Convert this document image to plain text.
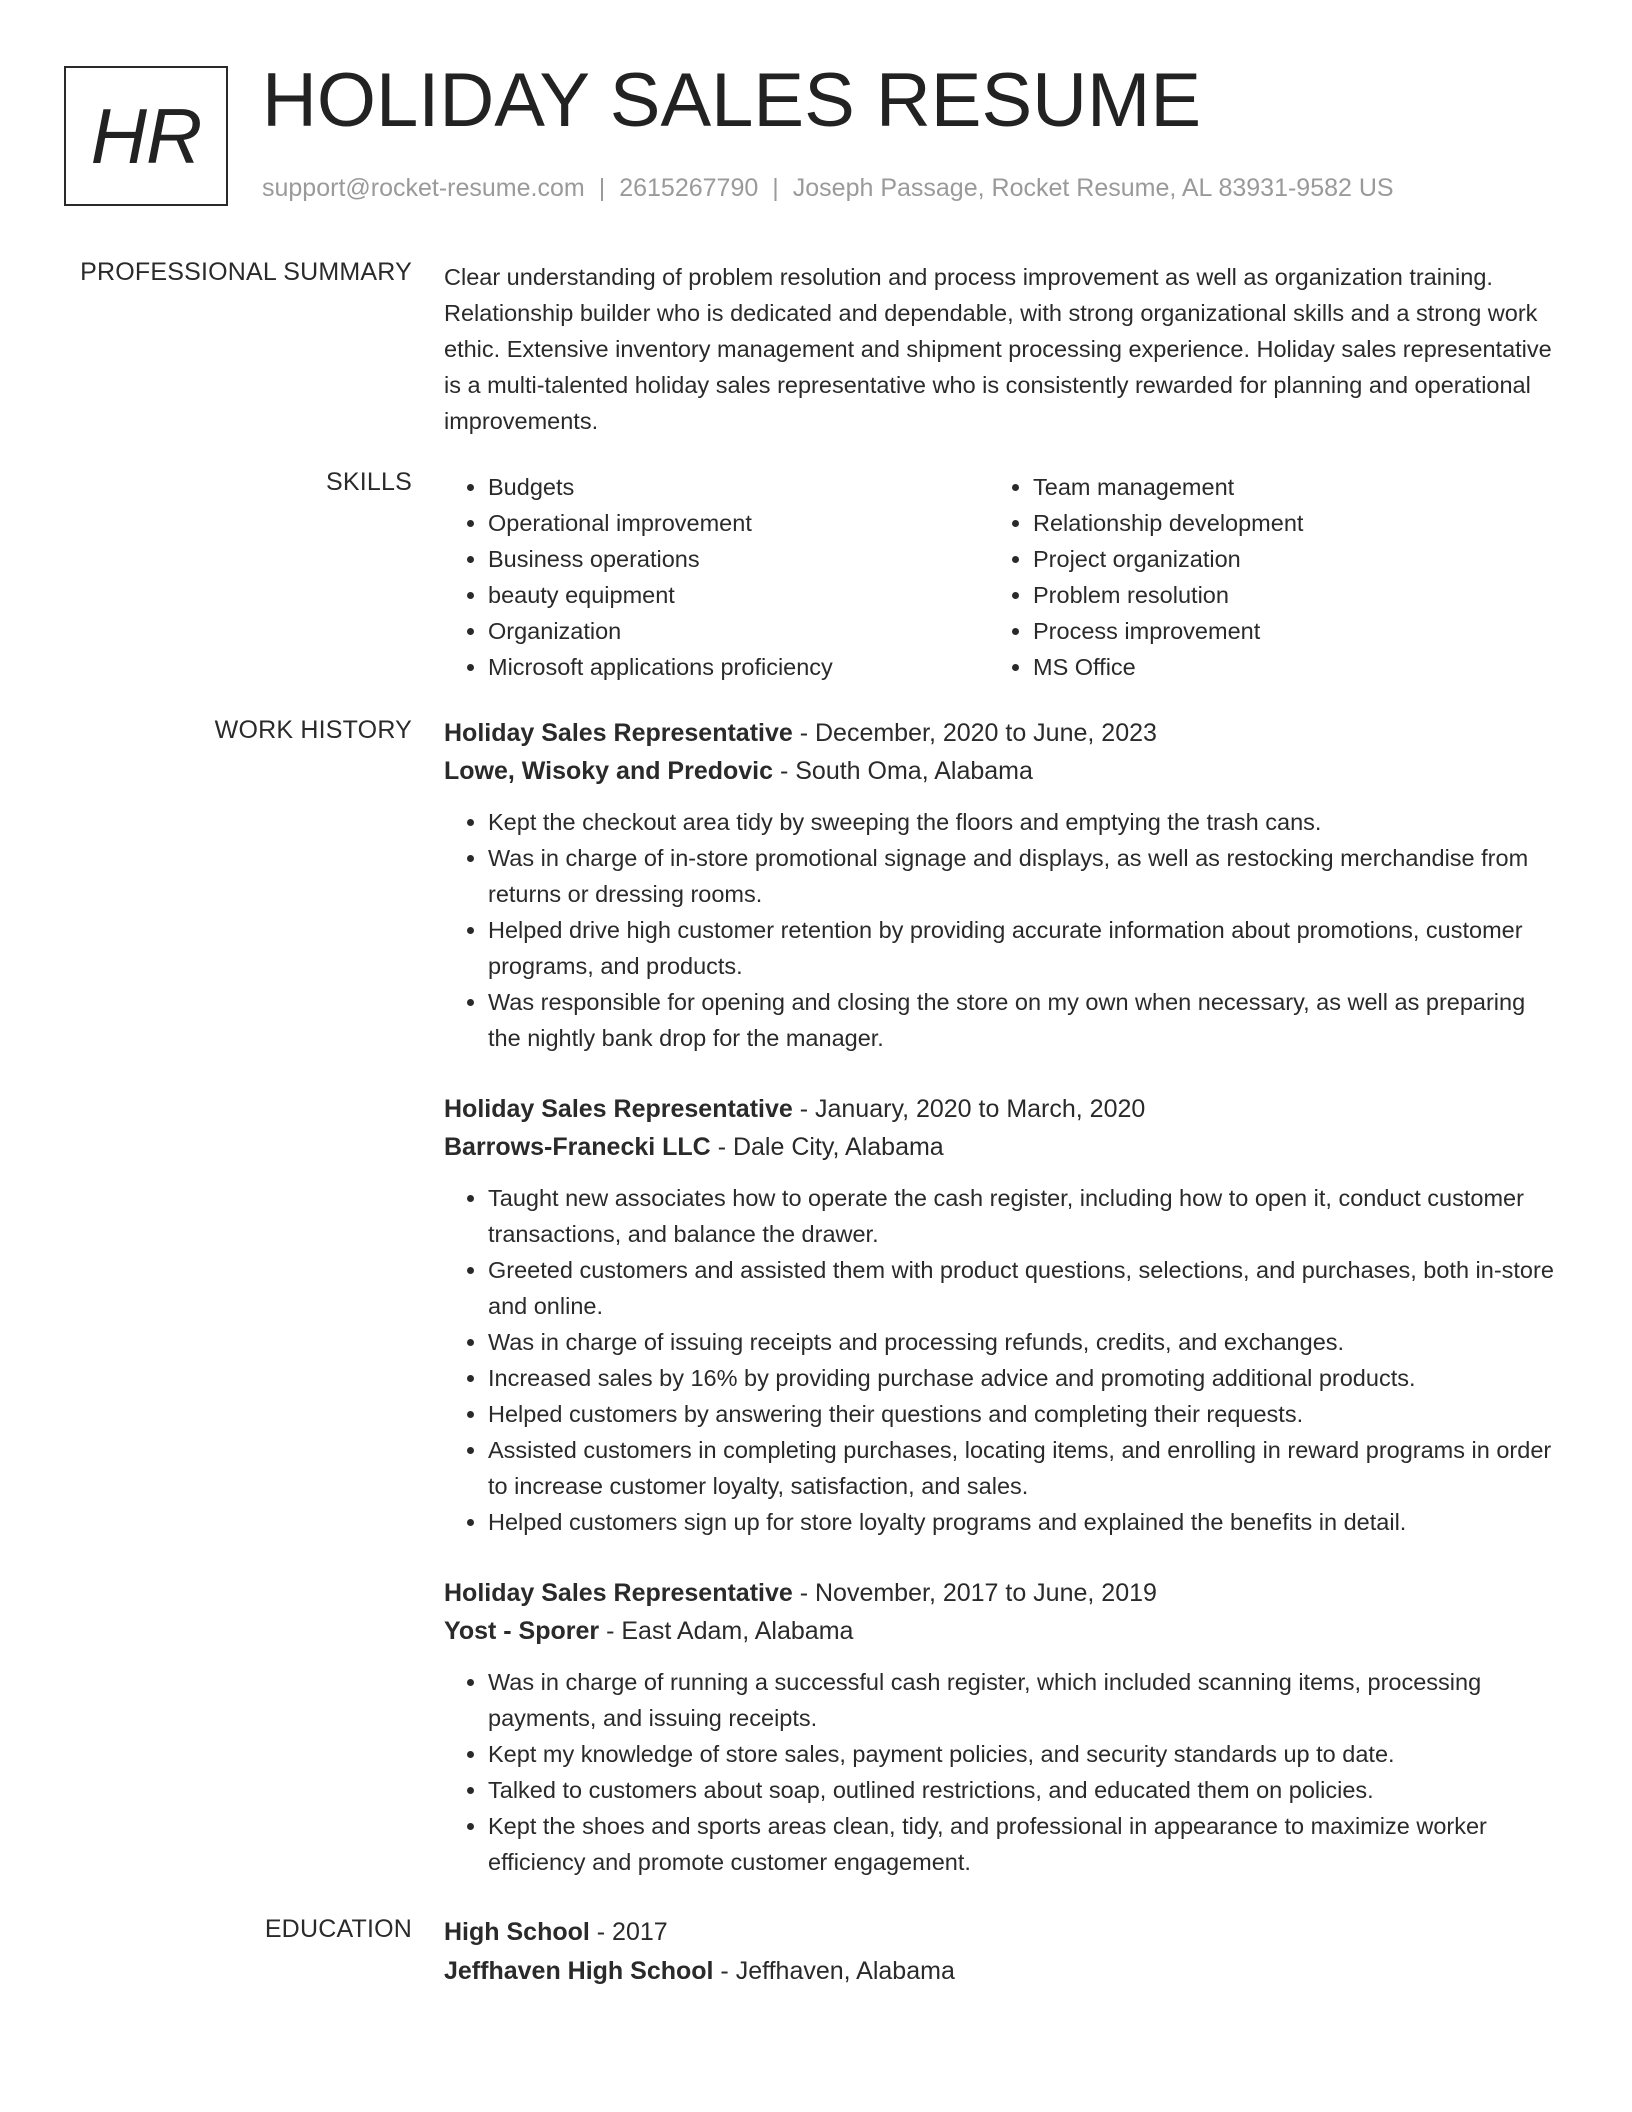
HR HOLIDAY SALES RESUME
support@rocket-resume.com | 2615267790 | Joseph Passage, Rocket Resume, AL 83931-9582 US
PROFESSIONAL SUMMARY Clear understanding of problem resolution and process improvement as well as organization training. Relationship builder who is dedicated and dependable, with strong organizational skills and a strong work ethic. Extensive inventory management and shipment processing experience. Holiday sales representative is a multi-talented holiday sales representative who is consistently rewarded for planning and operational improvements.

SKILLS
•	Budgets
• Operational improvement
• Business operations
• beauty equipment
• Organization
• Microsoft applications proficiency
• Team management
• Relationship development
• Project organization
• Problem resolution
• Process improvement
• MS Office
WORK HISTORY Holiday Sales Representative - December, 2020 to June, 2023
Lowe, Wisoky and Predovic - South Oma, Alabama
• Kept the checkout area tidy by sweeping the floors and emptying the trash cans.
• Was in charge of in-store promotional signage and displays, as well as restocking merchandise from returns or dressing rooms.
• Helped drive high customer retention by providing accurate information about promotions, customer programs, and products.
• Was responsible for opening and closing the store on my own when necessary, as well as preparing the nightly bank drop for the manager.
Holiday Sales Representative - January, 2020 to March, 2020
Barrows-Franecki LLC - Dale City, Alabama
• Taught new associates how to operate the cash register, including how to open it, conduct customer transactions, and balance the drawer.
• Greeted customers and assisted them with product questions, selections, and purchases, both in-store and online.
• Was in charge of issuing receipts and processing refunds, credits, and exchanges.
• Increased sales by 16% by providing purchase advice and promoting additional products.
• Helped customers by answering their questions and completing their requests.
• Assisted customers in completing purchases, locating items, and enrolling in reward programs in order to increase customer loyalty, satisfaction, and sales.
• Helped customers sign up for store loyalty programs and explained the benefits in detail.
Holiday Sales Representative - November, 2017 to June, 2019
Yost - Sporer - East Adam, Alabama
• Was in charge of running a successful cash register, which included scanning items, processing payments, and issuing receipts.
• Kept my knowledge of store sales, payment policies, and security standards up to date.
• Talked to customers about soap, outlined restrictions, and educated them on policies.
• Kept the shoes and sports areas clean, tidy, and professional in appearance to maximize worker efficiency and promote customer engagement.
EDUCATION High School - 2017
Jeffhaven High School - Jeffhaven, Alabama
